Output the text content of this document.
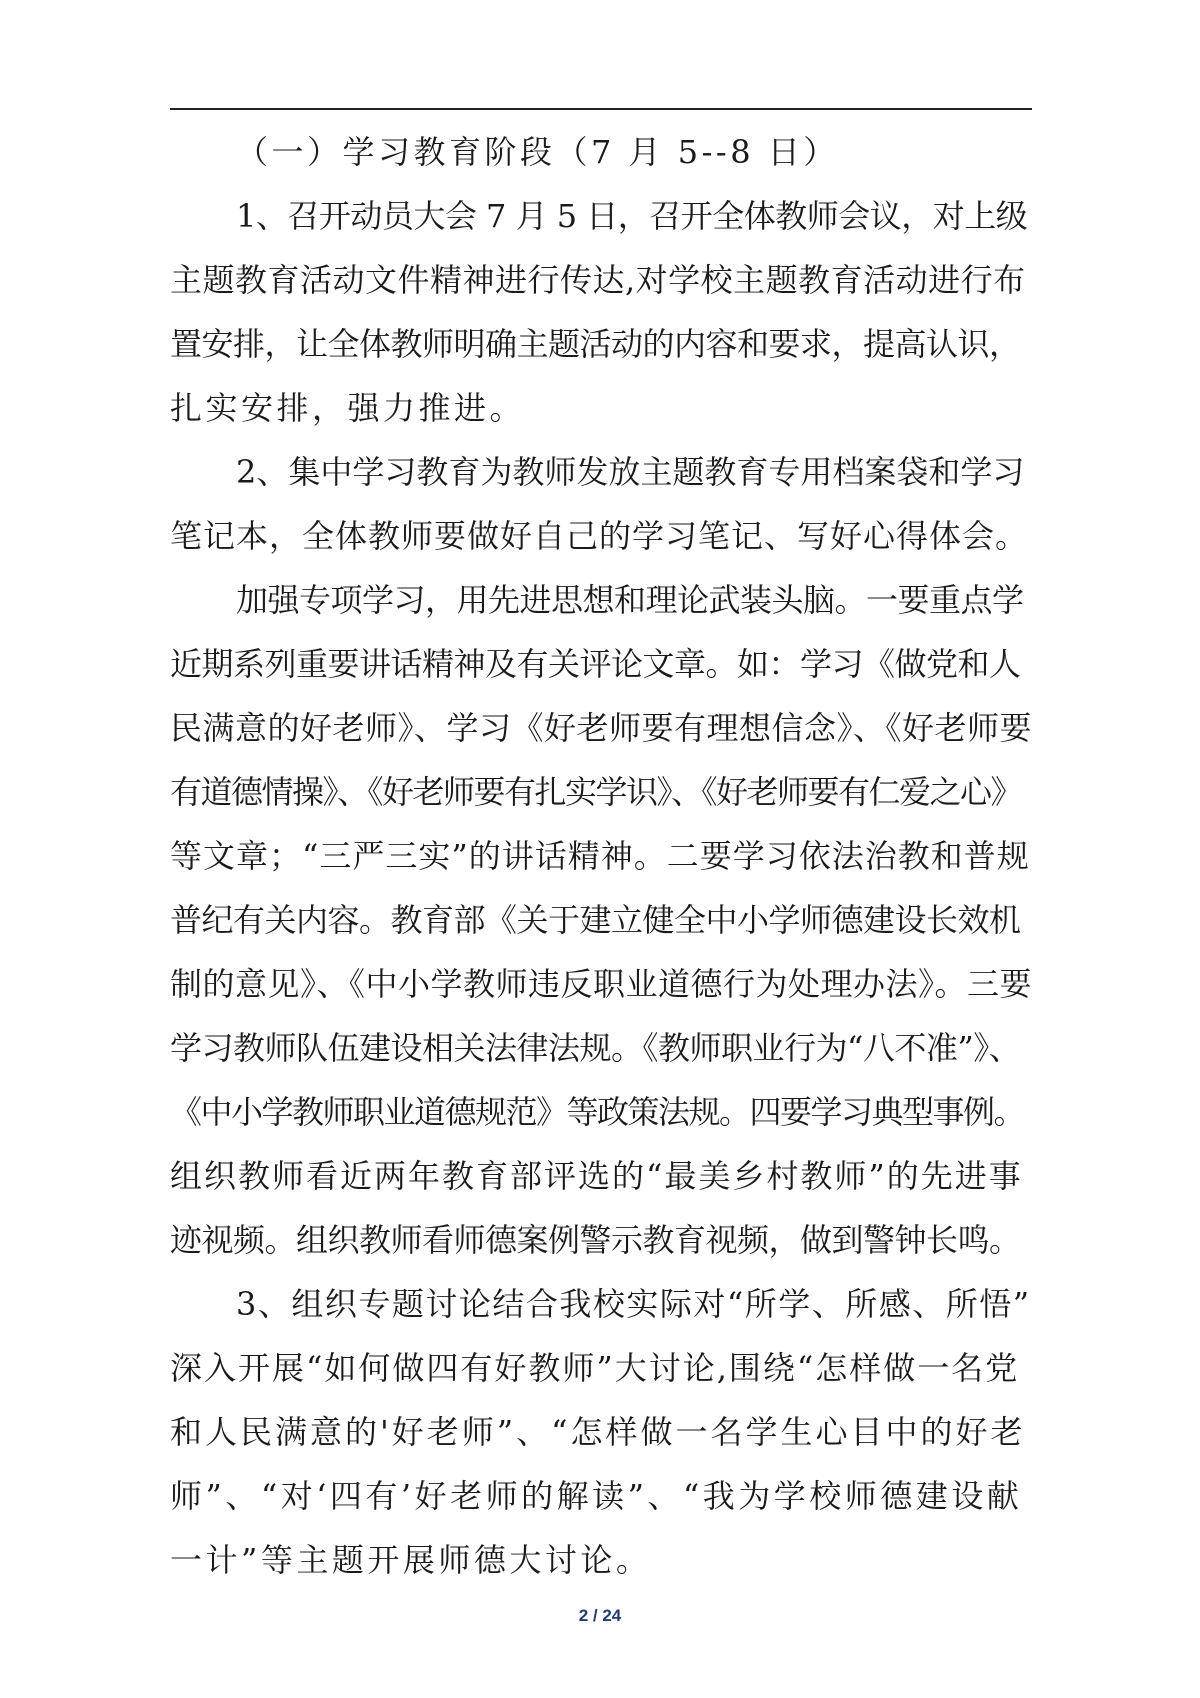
（一）学习教育阶段（7 月 5--8 日）
1、召开动员大会 7 月 5 日，召开全体教师会议，对上级
主题教育活动文件精神进行传达,对学校主题教育活动进行布
置安排，让全体教师明确主题活动的内容和要求，提高认识，
扎实安排，强力推进。
2、集中学习教育为教师发放主题教育专用档案袋和学习
笔记本，全体教师要做好自己的学习笔记、写好心得体会。
加强专项学习，用先进思想和理论武装头脑。一要重点学
近期系列重要讲话精神及有关评论文章。如：学习《做党和人
民满意的好老师》、学习《好老师要有理想信念》、《好老师要
有道德情操》、《好老师要有扎实学识》、《好老师要有仁爱之心》
等文章；“三严三实”的讲话精神。二要学习依法治教和普规
普纪有关内容。教育部《关于建立健全中小学师德建设长效机
制的意见》、《中小学教师违反职业道德行为处理办法》。三要
学习教师队伍建设相关法律法规。《教师职业行为“八不准”》、
《中小学教师职业道德规范》等政策法规。四要学习典型事例。
组织教师看近两年教育部评选的“最美乡村教师”的先进事
迹视频。组织教师看师德案例警示教育视频，做到警钟长鸣。
3、组织专题讨论结合我校实际对“所学、所感、所悟”
深入开展“如何做四有好教师”大讨论,围绕“怎样做一名党
和人民满意的'好老师”、“怎样做一名学生心目中的好老
师”、“对‘四有’好老师的解读”、“我为学校师德建设献
一计”等主题开展师德大讨论。
2 / 24
